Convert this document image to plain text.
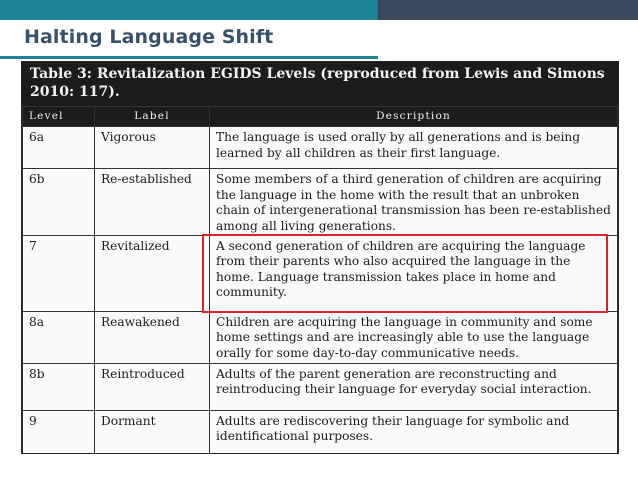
Halting Language Shift
Table 3: Revitalization EGIDS Levels (reproduced from Lewis and Simons 2010: 117).
Level	Label	Description
6a	Vigorous	The language is used orally by all generations and is being learned by all children as their first language.
6b	Re-established	Some members of a third generation of children are acquiring the language in the home with the result that an unbroken chain of intergenerational transmission has been re-established among all living generations.
7	Revitalized	A second generation of children are acquiring the language from their parents who also acquired the language in the home. Language transmission takes place in home and community.
8a	Reawakened	Children are acquiring the language in community and some home settings and are increasingly able to use the language orally for some day-to-day communicative needs.
8b	Reintroduced	Adults of the parent generation are reconstructing and reintroducing their language for everyday social interaction.
9	Dormant	Adults are rediscovering their language for symbolic and identificational purposes.
